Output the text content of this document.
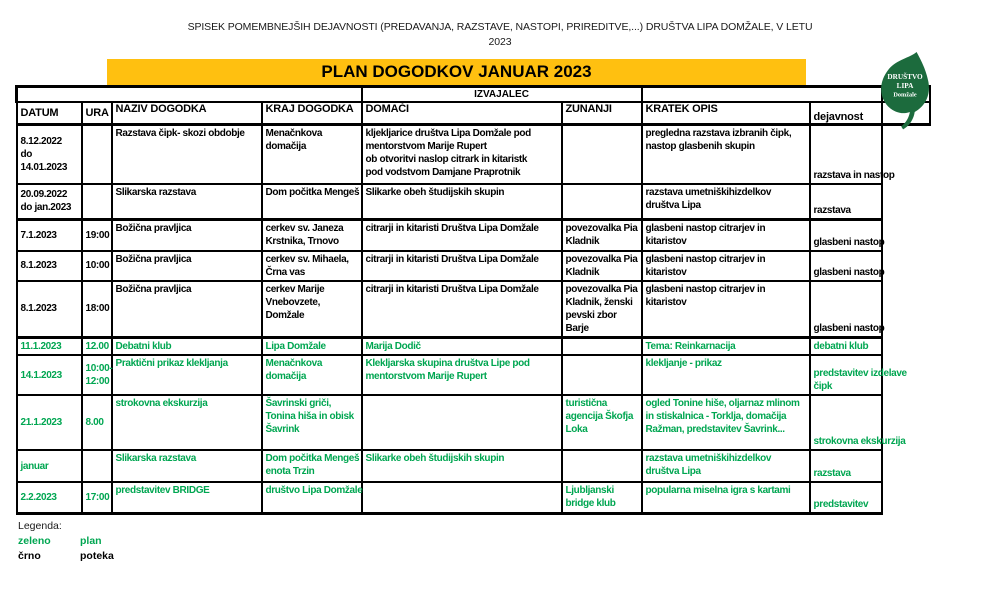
SPISEK POMEMBNEJŠIH DEJAVNOSTI (PREDAVANJA, RAZSTAVE, NASTOPI, PRIREDITVE,...) DRUŠTVA LIPA DOMŽALE, V LETU
2023
PLAN DOGODKOV JANUAR 2023
				IZVAJALEC				
DATUM	URA	NAZIV DOGODKA	KRAJ DOGODKA	DOMAČI	ZUNANJI	KRATEK OPIS	dejavnost	
8.12.2022
do
14.01.2023		Razstava čipk- skozi obdobje	Menačnkova
domačija	kljekljarice društva Lipa Domžale pod
mentorstvom Marije Rupert
ob otvoritvi naslop citrark in kitaristk
pod vodstvom Damjane Praprotnik		pregledna razstava izbranih čipk,
nastop glasbenih skupin	razstava in nastop	
20.09.2022
do jan.2023		Slikarska razstava	Dom počitka Mengeš	Slikarke obeh študijskih skupin		razstava umetniškihizdelkov
društva Lipa	razstava	
7.1.2023	19:00	Božična pravljica	cerkev sv. Janeza
Krstnika, Trnovo	citrarji in kitaristi Društva Lipa Domžale	povezovalka Pia
Kladnik	glasbeni nastop citrarjev in
kitaristov	glasbeni nastop	
8.1.2023	10:00	Božična pravljica	cerkev sv. Mihaela,
Črna vas	citrarji in kitaristi Društva Lipa Domžale	povezovalka Pia
Kladnik	glasbeni nastop citrarjev in
kitaristov	glasbeni nastop	
8.1.2023	18:00	Božična pravljica	cerkev Marije
Vnebovzete,
Domžale	citrarji in kitaristi Društva Lipa Domžale	povezovalka Pia
Kladnik, ženski
pevski zbor
Barje	glasbeni nastop citrarjev in
kitaristov	glasbeni nastop	
11.1.2023	12.00	Debatni klub	Lipa Domžale	Marija Dodič		Tema: Reinkarnacija	debatni klub	
14.1.2023	10:00-
12:00	Praktični prikaz klekljanja	Menačnkova
domačija	Klekljarska skupina društva Lipe pod
mentorstvom Marije Rupert		klekljanje - prikaz	predstavitev izdelave
čipk	
21.1.2023	8.00	strokovna ekskurzija	Šavrinski griči,
Tonina hiša in obisk
Šavrink		turistična
agencija Škofja
Loka	ogled Tonine hiše, oljarnaz mlinom
in stiskalnica - Torklja, domačija
Ražman, predstavitev Šavrink...	strokovna ekskurzija	
januar		Slikarska razstava	Dom počitka Mengeš
enota Trzin	Slikarke obeh študijskih skupin		razstava umetniškihizdelkov
društva Lipa	razstava	
2.2.2023	17:00	predstavitev BRIDGE	društvo Lipa Domžale		Ljubljanski
bridge klub	popularna miselna igra s kartami	predstavitev	
DRUŠTVO
LIPA
Domžale
Legenda:
zeleno	plan
črno	poteka
